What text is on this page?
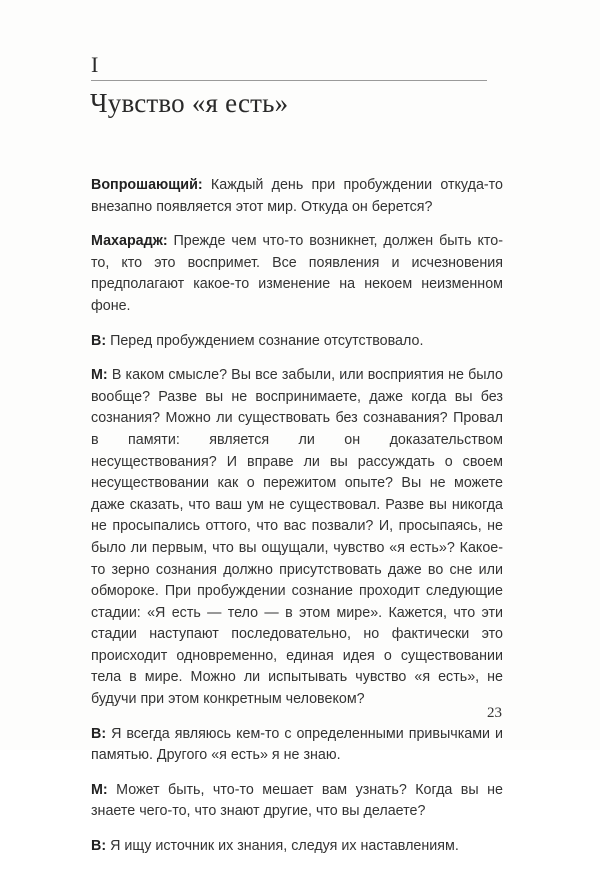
I
Чувство «я есть»

Вопрошающий: Каждый день при пробуждении откуда-то внезапно появляется этот мир. Откуда он берется?

Махарадж: Прежде чем что-то возникнет, должен быть кто-то, кто это воспримет. Все появления и исчезновения предполагают какое-то изменение на некоем неизменном фоне.

В: Перед пробуждением сознание отсутствовало.

М: В каком смысле? Вы все забыли, или восприятия не было вообще? Разве вы не воспринимаете, даже когда вы без сознания? Можно ли существовать без сознавания? Провал в памяти: является ли он доказательством несуществования? И вправе ли вы рассуждать о своем несуществовании как о пережитом опыте? Вы не можете даже сказать, что ваш ум не существовал. Разве вы никогда не просыпались оттого, что вас позвали? И, просыпаясь, не было ли первым, что вы ощущали, чувство «я есть»? Какое-то зерно сознания должно присутствовать даже во сне или обмороке. При пробуждении сознание проходит следующие стадии: «Я есть — тело — в этом мире». Кажется, что эти стадии наступают последовательно, но фактически это происходит одновременно, единая идея о существовании тела в мире. Можно ли испытывать чувство «я есть», не будучи при этом конкретным человеком?

В: Я всегда являюсь кем-то с определенными привычками и памятью. Другого «я есть» я не знаю.

М: Может быть, что-то мешает вам узнать? Когда вы не знаете чего-то, что знают другие, что вы делаете?

В: Я ищу источник их знания, следуя их наставлениям.

23
